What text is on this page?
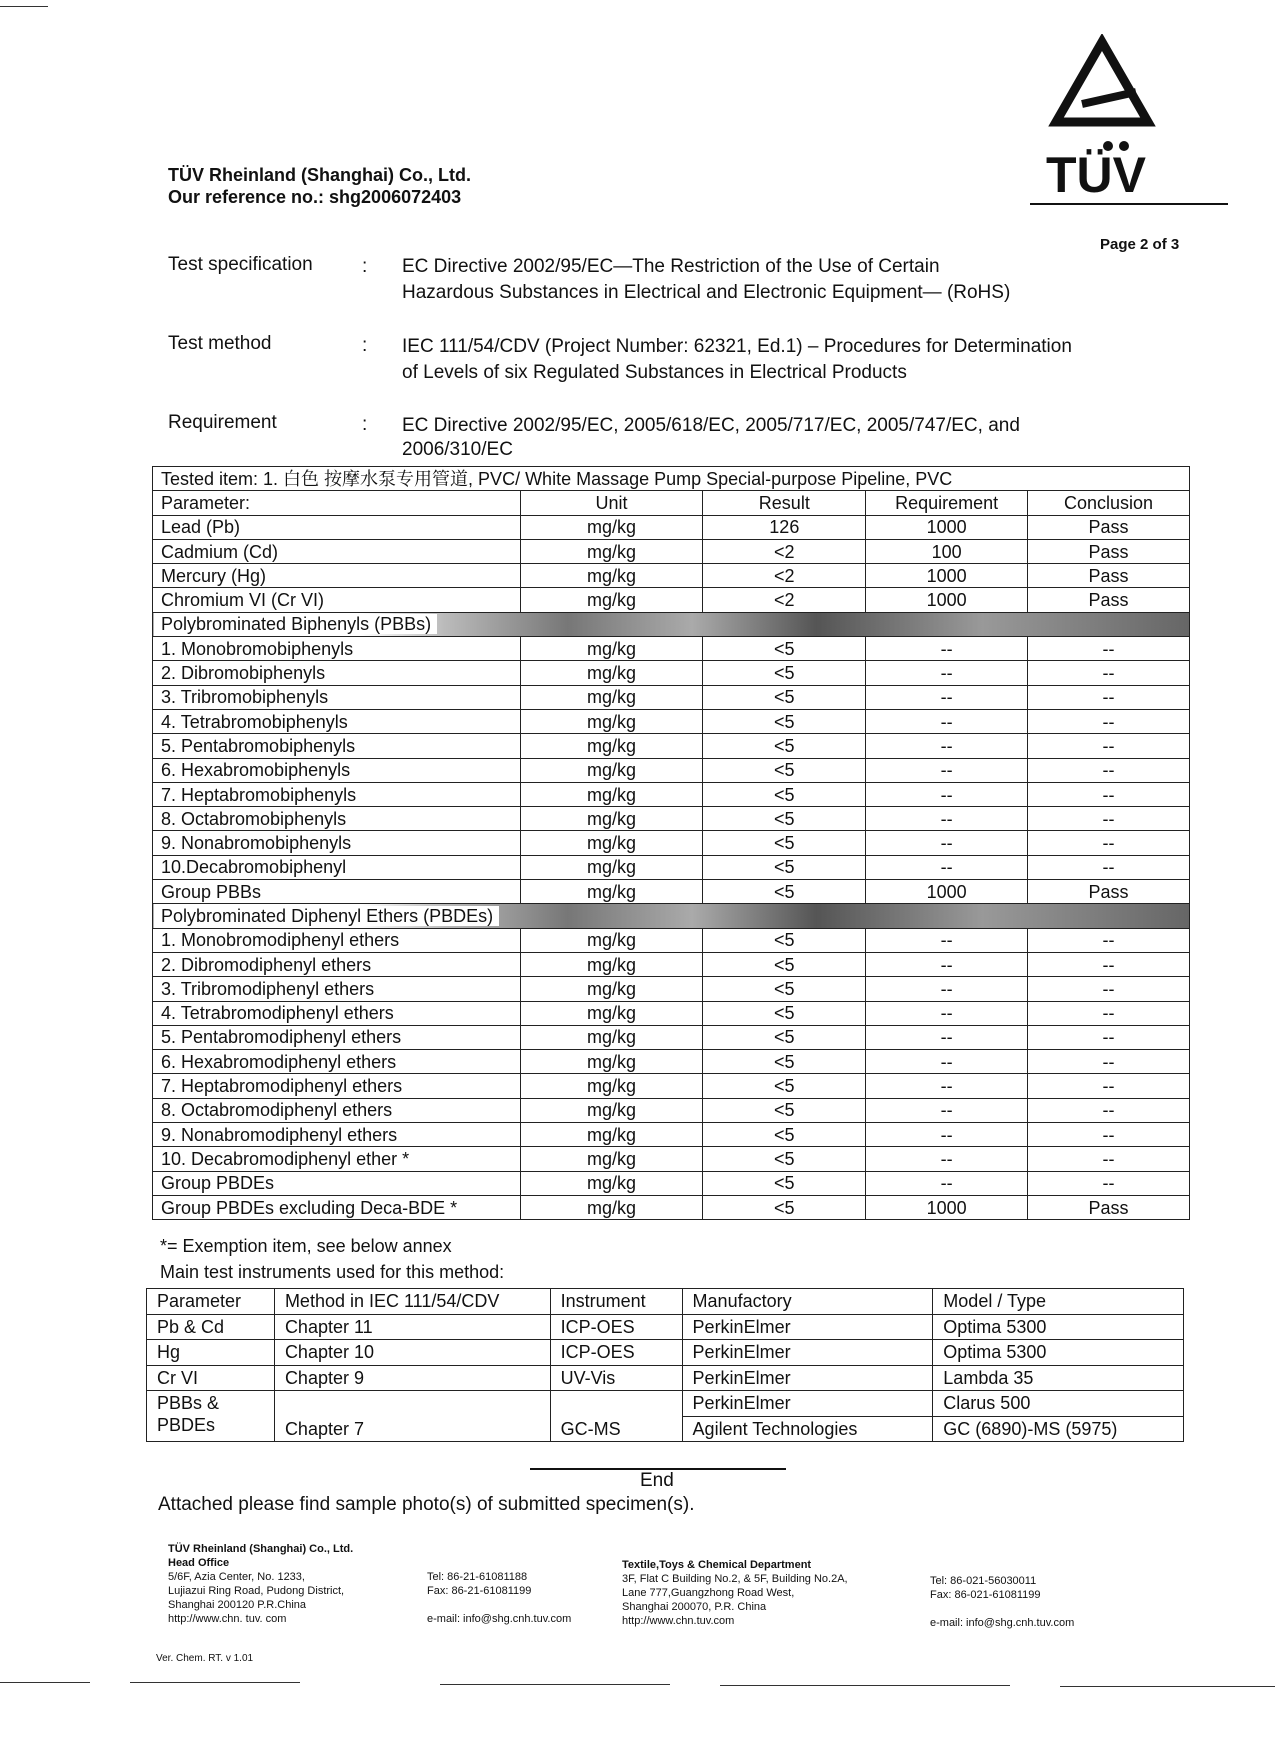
TÜV Rheinland (Shanghai) Co., Ltd.
Our reference no.: shg2006072403	TÜV
Page 2 of 3
Test specification	: EC Directive 2002/95/EC—The Restriction of the Use of Certain
Hazardous Substances in Electrical and Electronic Equipment— (RoHS)
Test method	: IEC 111/54/CDV (Project Number: 62321, Ed.1) – Procedures for Determination
of Levels of six Regulated Substances in Electrical Products
Requirement	: EC Directive 2002/95/EC, 2005/618/EC, 2005/717/EC, 2005/747/EC, and
2006/310/EC
Tested item: 1. 白色 按摩水泵专用管道, PVC/ White Massage Pump Special-purpose Pipeline, PVC				
Parameter:	Unit	Result	Requirement	Conclusion
Lead (Pb)	mg/kg	126	1000	Pass
Cadmium (Cd)	mg/kg	<2	100	Pass
Mercury (Hg)	mg/kg	<2	1000	Pass
Chromium VI (Cr VI)	mg/kg	<2	1000	Pass
Polybrominated Biphenyls (PBBs)				
1. Monobromobiphenyls	mg/kg	<5	--	--
2. Dibromobiphenyls	mg/kg	<5	--	--
3. Tribromobiphenyls	mg/kg	<5	--	--
4. Tetrabromobiphenyls	mg/kg	<5	--	--
5. Pentabromobiphenyls	mg/kg	<5	--	--
6. Hexabromobiphenyls	mg/kg	<5	--	--
7. Heptabromobiphenyls	mg/kg	<5	--	--
8. Octabromobiphenyls	mg/kg	<5	--	--
9. Nonabromobiphenyls	mg/kg	<5	--	--
10.Decabromobiphenyl	mg/kg	<5	--	--
Group PBBs	mg/kg	<5	1000	Pass
Polybrominated Diphenyl Ethers (PBDEs)				
1. Monobromodiphenyl ethers	mg/kg	<5	--	--
2. Dibromodiphenyl ethers	mg/kg	<5	--	--
3. Tribromodiphenyl ethers	mg/kg	<5	--	--
4. Tetrabromodiphenyl ethers	mg/kg	<5	--	--
5. Pentabromodiphenyl ethers	mg/kg	<5	--	--
6. Hexabromodiphenyl ethers	mg/kg	<5	--	--
7. Heptabromodiphenyl ethers	mg/kg	<5	--	--
8. Octabromodiphenyl ethers	mg/kg	<5	--	--
9. Nonabromodiphenyl ethers	mg/kg	<5	--	--
10. Decabromodiphenyl ether *	mg/kg	<5	--	--
Group PBDEs	mg/kg	<5	--	--
Group PBDEs excluding Deca-BDE *	mg/kg	<5	1000	Pass
*= Exemption item, see below annex
Main test instruments used for this method:
Parameter	Method in IEC 111/54/CDV	Instrument	Manufactory	Model / Type
Pb & Cd	Chapter 11	ICP-OES	PerkinElmer	Optima 5300
Hg	Chapter 10	ICP-OES	PerkinElmer	Optima 5300
Cr VI	Chapter 9	UV-Vis	PerkinElmer	Lambda 35

PBBs &
PBDEs	Chapter 7	GC-MS	PerkinElmer	Clarus 500
			Agilent Technologies	GC (6890)-MS (5975)
End
Attached please find sample photo(s) of submitted specimen(s).
TÜV Rheinland (Shanghai) Co., Ltd.
Head Office
5/6F, Azia Center, No. 1233,
Lujiazui Ring Road, Pudong District,
Shanghai 200120 P.R.China
http://www.chn. tuv. com
Tel: 86-21-61081188
Fax: 86-21-61081199
e-mail: info@shg.cnh.tuv.com
Textile,Toys & Chemical Department
3F, Flat C Building No.2, & 5F, Building No.2A,
Lane 777,Guangzhong Road West,
Shanghai 200070, P.R. China
http://www.chn.tuv.com
Tel: 86-021-56030011
Fax: 86-021-61081199
e-mail: info@shg.cnh.tuv.com
Ver. Chem. RT. v 1.01
